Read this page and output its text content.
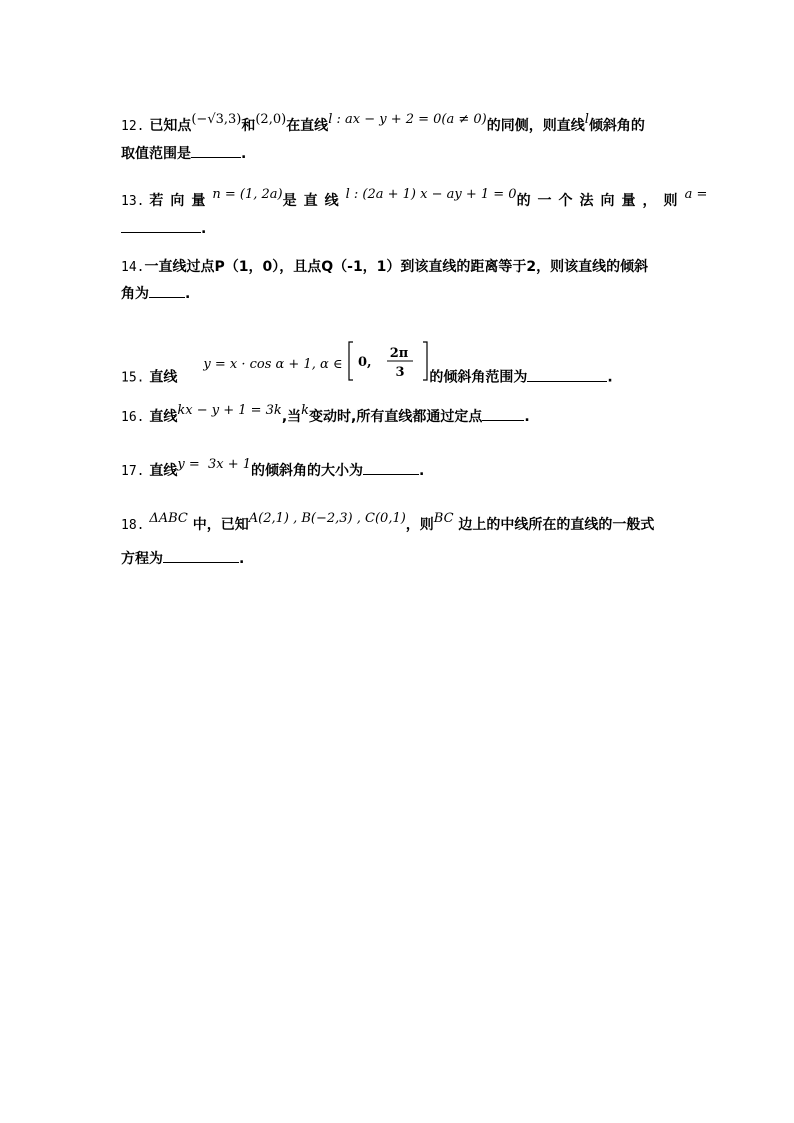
12. 已知点(−√3,3)和(2,0)在直线l : ax − y + 2 = 0(a ≠ 0)的同侧，则直线l倾斜角的
取值范围是	.
13. 若向量n = (1, 2a)是直线l : (2a + 1) x − ay + 1 = 0的一个法向量，则a =
.
14.一直线过点P（1，0），且点Q（-1，1）到该直线的距离等于2，则该直线的倾斜
角为	.
15. 直线y = x · cos α + 1, α ∈ 0,
2π
3 的倾斜角范围为	.
16. 直线kx − y + 1 = 3k,当k变动时,所有直线都通过定点	.
17. 直线y =  3x + 1的倾斜角的大小为	.
18. ΔABC 中，已知A(2,1) , B(−2,3) , C(0,1)，则BC 边上的中线所在的直线的一般式
方程为	.
